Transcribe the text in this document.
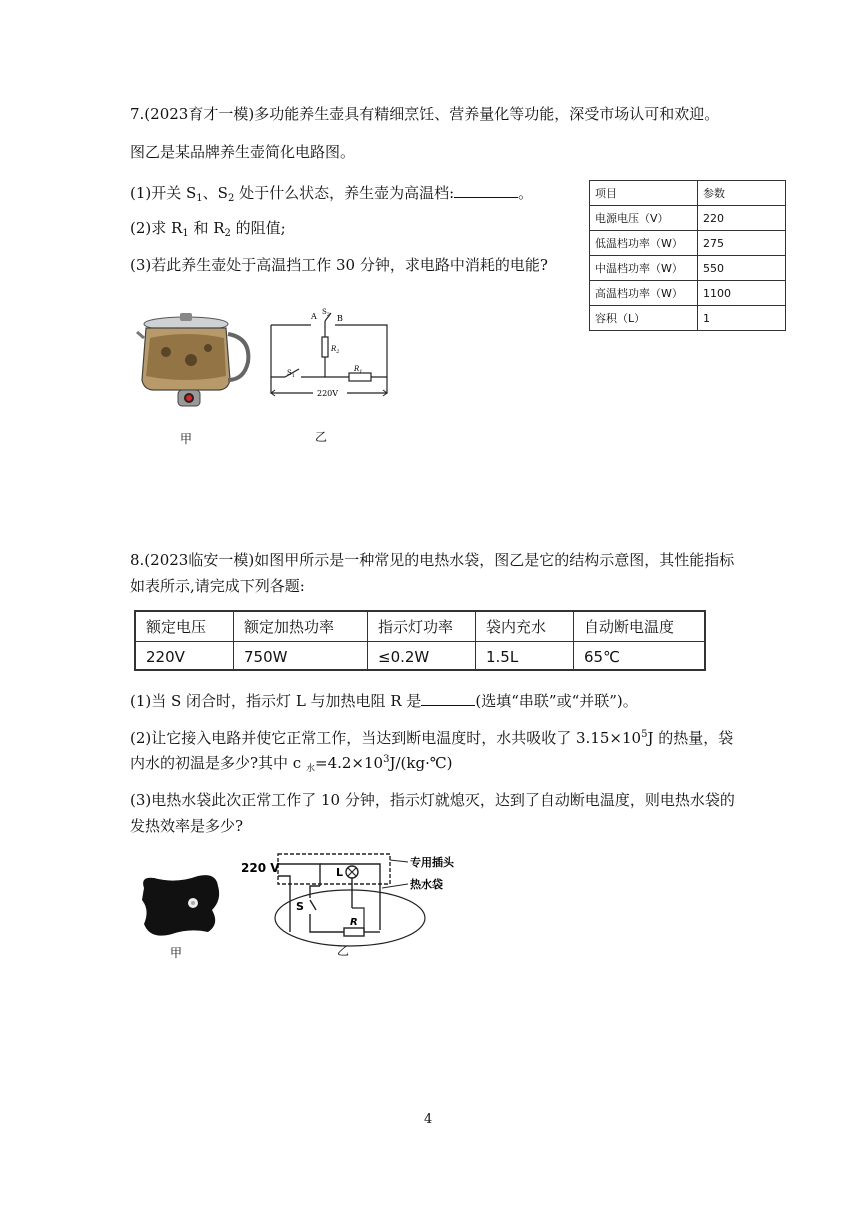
7.(2023育才一模)多功能养生壶具有精细烹饪、营养量化等功能，深受市场认可和欢迎。
图乙是某品牌养生壶简化电路图。
(1)开关 $S_1$、$S_2$ 处于什么状态，养生壶为高温档:	。
(2)求 $R_1$ 和 $R_2$ 的阻值;
(3)若此养生壶处于高温挡工作 30 分钟，求电路中消耗的电能?
项目	参数
电源电压（V）	220
低温档功率（W）	275
中温档功率（W）	550
高温档功率（W）	1100
容积（L）	1
甲
A	B
$S_2$
$R_2$
$S_1$
$R_1$
220V
乙
8.(2023临安一模)如图甲所示是一种常见的电热水袋，图乙是它的结构示意图，其性能指标
如表所示,请完成下列各题:
额定电压	额定加热功率	指示灯功率	袋内充水	自动断电温度
220V	750W	≤0.2W	1.5L	65℃
(1)当 S 闭合时，指示灯 L 与加热电阻 R 是	(选填“串联”或“并联”)。
(2)让它接入电路并使它正常工作，当达到断电温度时，水共吸收了 $3.15\times 10^5J$ 的热量，袋
内水的初温是多少?其中 c $_水=4.2\times 10^3J/(kg\cdot℃)$
(3)电热水袋此次正常工作了 10 分钟，指示灯就熄灭，达到了自动断电温度，则电热水袋的
发热效率是多少?
甲
220 V	L
S
R
专用插头
热水袋
乙
4
